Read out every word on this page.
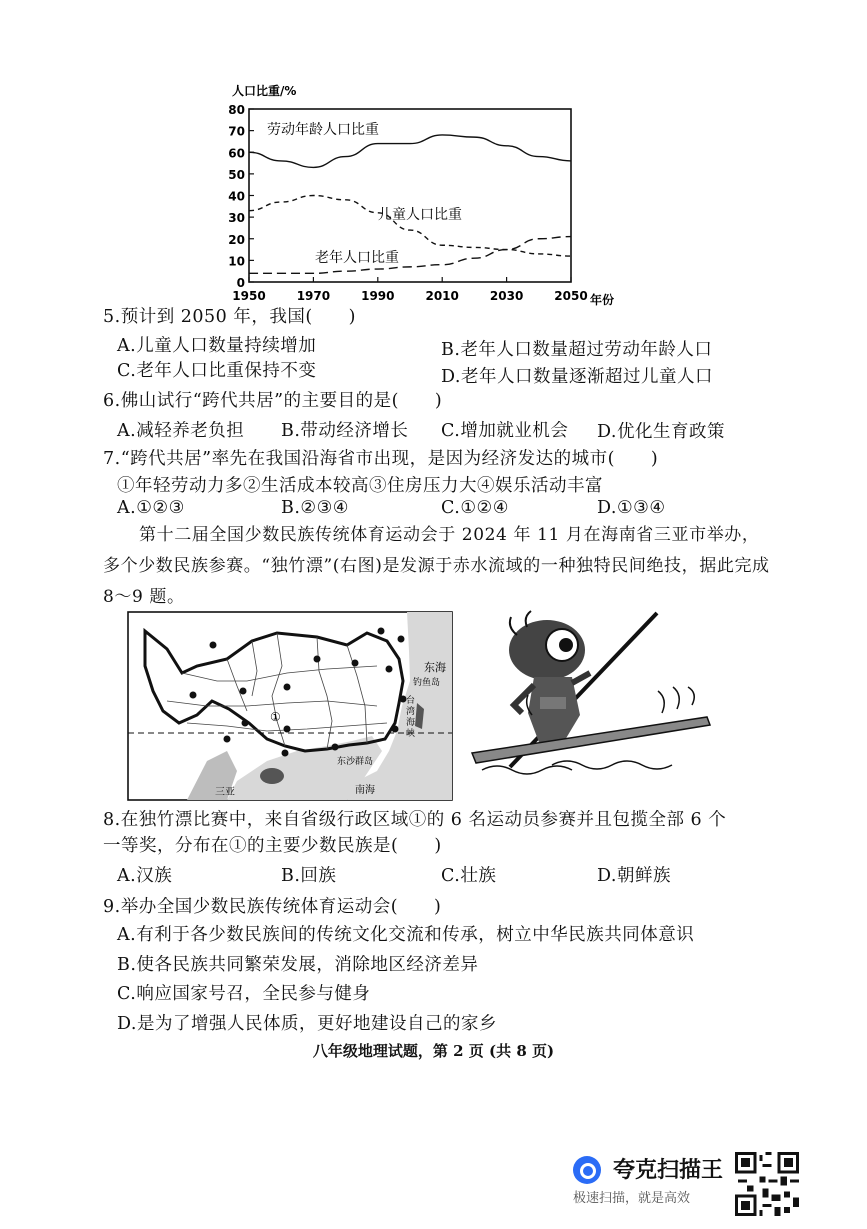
人口比重/%
0
10
20
30
40
50
60
70
80
1950	1970	1990	2010	2030	2050
劳动年龄人口比重
儿童人口比重
老年人口比重
年份
5.预计到 2050 年，我国(　　)
A.儿童人口数量持续增加	B.老年人口数量超过劳动年龄人口
C.老年人口比重保持不变	D.老年人口数量逐渐超过儿童人口
6.佛山试行“跨代共居”的主要目的是(　　)
A.减轻养老负担 B.带动经济增长 C.增加就业机会 D.优化生育政策
7.“跨代共居”率先在我国沿海省市出现，是因为经济发达的城市(　　)
①年轻劳动力多②生活成本较高③住房压力大④娱乐活动丰富
A.①②③	B.②③④	C.①②④	D.①③④
第十二届全国少数民族传统体育运动会于 2024 年 11 月在海南省三亚市举办，多个少数民族参赛。“独竹漂”(右图)是发源于赤水流域的一种独特民间绝技，据此完成 8～9 题。
东海
钓鱼岛
台
湾
海
峡
东沙群岛
南海
三亚
①
8.在独竹漂比赛中，来自省级行政区域①的 6 名运动员参赛并且包揽全部 6 个
一等奖，分布在①的主要少数民族是(　　)
A.汉族	B.回族	C.壮族	D.朝鲜族
9.举办全国少数民族传统体育运动会(　　)
A.有利于各少数民族间的传统文化交流和传承，树立中华民族共同体意识
B.使各民族共同繁荣发展，消除地区经济差异
C.响应国家号召，全民参与健身
D.是为了增强人民体质，更好地建设自己的家乡
八年级地理试题，第 2 页 (共 8 页)
夸克扫描王
极速扫描，就是高效
